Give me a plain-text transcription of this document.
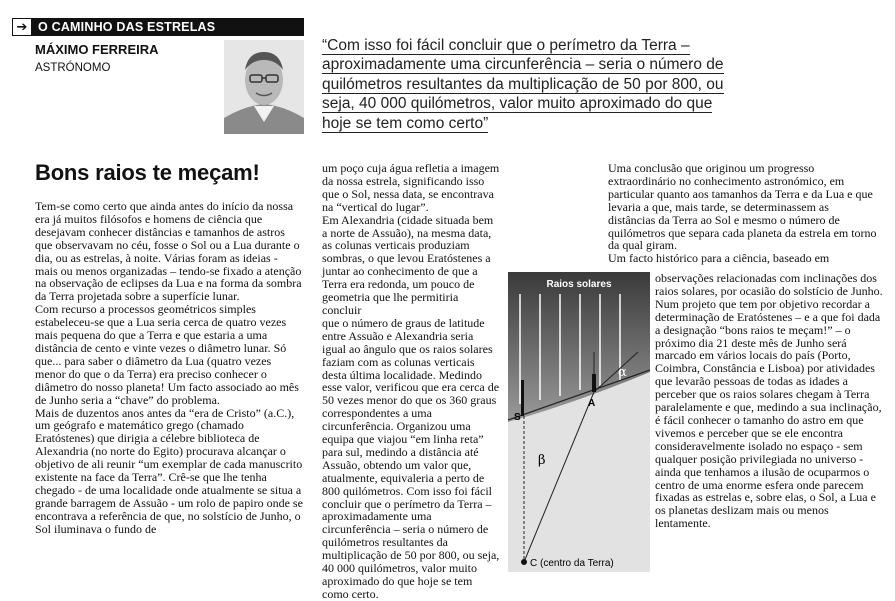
➔ O CAMINHO DAS ESTRELAS
MÁXIMO FERREIRA
ASTRÓNOMO
“Com isso foi fácil concluir que o perímetro da Terra –
aproximadamente uma circunferência – seria o número de
quilómetros resultantes da multiplicação de 50 por 800, ou
seja, 40 000 quilómetros, valor muito aproximado do que
hoje se tem como certo”
Bons raios te meçam!

Tem-se como certo que ainda antes do início da nossa era já muitos filósofos e homens de ciência que desejavam conhecer distâncias e tamanhos de astros que observavam no céu, fosse o Sol ou a Lua durante o dia, ou as estrelas, à noite. Várias foram as ideias - mais ou menos organizadas – tendo-se fixado a atenção na observação de eclipses da Lua e na forma da sombra da Terra projetada sobre a superfície lunar.

Com recurso a processos geométricos simples estabeleceu-se que a Lua seria cerca de quatro vezes mais pequena do que a Terra e que estaria a uma distância de cento e vinte vezes o diâmetro lunar. Só que... para saber o diâmetro da Lua (quatro vezes menor do que o da Terra) era preciso conhecer o diâmetro do nosso planeta! Um facto associado ao mês de Junho seria a “chave” do problema.

Mais de duzentos anos antes da “era de Cristo” (a.C.), um geógrafo e matemático grego (chamado Eratóstenes) que dirigia a célebre biblioteca de Alexandria (no norte do Egito) procurava alcançar o objetivo de ali reunir “um exemplar de cada manuscrito existente na face da Terra”. Crê-se que lhe tenha chegado - de uma localidade onde atualmente se situa a grande barragem de Assuão - um rolo de papiro onde se encontrava a referência de que, no solstício de Junho, o Sol iluminava o fundo de

um poço cuja água refletia a imagem da nossa estrela, significando isso que o Sol, nessa data, se encontrava na “vertical do lugar”.

Em Alexandria (cidade situada bem a norte de Assuão), na mesma data, as colunas verticais produziam sombras, o que levou Eratóstenes a juntar ao conhecimento de que a Terra era redonda, um pouco de geometria que lhe permitiria concluir

que o número de graus de latitude entre Assuão e Alexandria seria igual ao ângulo que os raios solares faziam com as colunas verticais desta última localidade. Medindo esse valor, verificou que era cerca de 50 vezes menor do que os 360 graus correspondentes a uma circunferência. Organizou uma equipa que viajou “em linha reta” para sul, medindo a distância até Assuão, obtendo um valor que, atualmente, equivaleria a perto de 800 quilómetros. Com isso foi fácil concluir que o perímetro da Terra – aproximadamente uma circunferência – seria o número de quilómetros resultantes da multiplicação de 50 por 800, ou seja, 40 000 quilómetros, valor muito aproximado do que hoje se tem como certo.

Uma conclusão que originou um progresso extraordinário no conhecimento astronómico, em particular quanto aos tamanhos da Terra e da Lua e que levaria a que, mais tarde, se determinassem as distâncias da Terra ao Sol e mesmo o número de quilómetros que separa cada planeta da estrela em torno da qual giram.

Um facto histórico para a ciência, baseado em

observações relacionadas com inclinações dos raios solares, por ocasião do solstício de Junho.

Num projeto que tem por objetivo recordar a determinação de Eratóstenes – e a que foi dada a designação “bons raios te meçam!” – o próximo dia 21 deste mês de Junho será marcado em vários locais do país (Porto, Coimbra, Constância e Lisboa) por atividades que levarão pessoas de todas as idades a perceber que os raios solares chegam à Terra paralelamente e que, medindo a sua inclinação, é fácil conhecer o tamanho do astro em que vivemos e perceber que se ele encontra consideravelmente isolado no espaço - sem qualquer posição privilegiada no universo - ainda que tenhamos a ilusão de ocuparmos o centro de uma enorme esfera onde parecem fixadas as estrelas e, sobre elas, o Sol, a Lua e os planetas deslizam mais ou menos lentamente.

Raios solares
S
A
α
β
C (centro da Terra)
